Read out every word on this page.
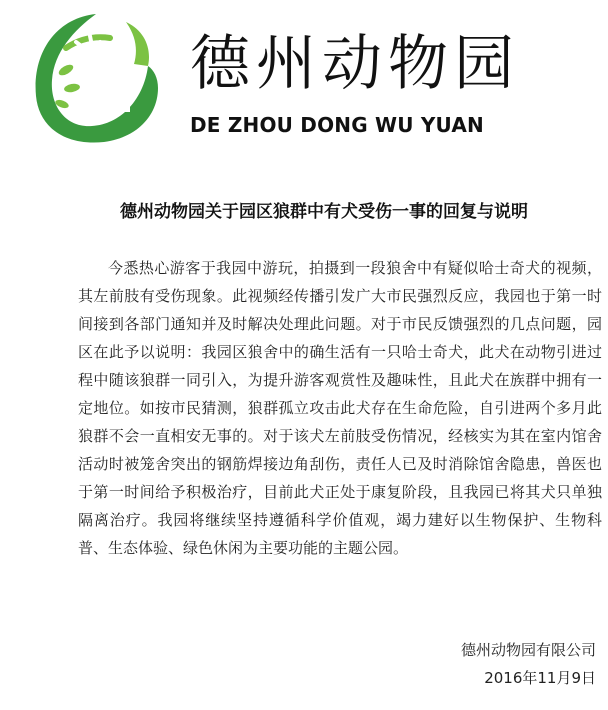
德州动物园
DE ZHOU DONG WU YUAN
德州动物园关于园区狼群中有犬受伤一事的回复与说明

今悉热心游客于我园中游玩，拍摄到一段狼舍中有疑似哈士奇犬的视频，其左前肢有受伤现象。此视频经传播引发广大市民强烈反应，我园也于第一时间接到各部门通知并及时解决处理此问题。对于市民反馈强烈的几点问题，园区在此予以说明：我园区狼舍中的确生活有一只哈士奇犬，此犬在动物引进过程中随该狼群一同引入，为提升游客观赏性及趣味性，且此犬在族群中拥有一定地位。如按市民猜测，狼群孤立攻击此犬存在生命危险，自引进两个多月此狼群不会一直相安无事的。对于该犬左前肢受伤情况，经核实为其在室内馆舍活动时被笼舍突出的钢筋焊接边角刮伤，责任人已及时消除馆舍隐患，兽医也于第一时间给予积极治疗，目前此犬正处于康复阶段，且我园已将其犬只单独隔离治疗。我园将继续坚持遵循科学价值观，竭力建好以生物保护、生物科普、生态体验、绿色休闲为主要功能的主题公园。

德州动物园有限公司
2016年11月9日
